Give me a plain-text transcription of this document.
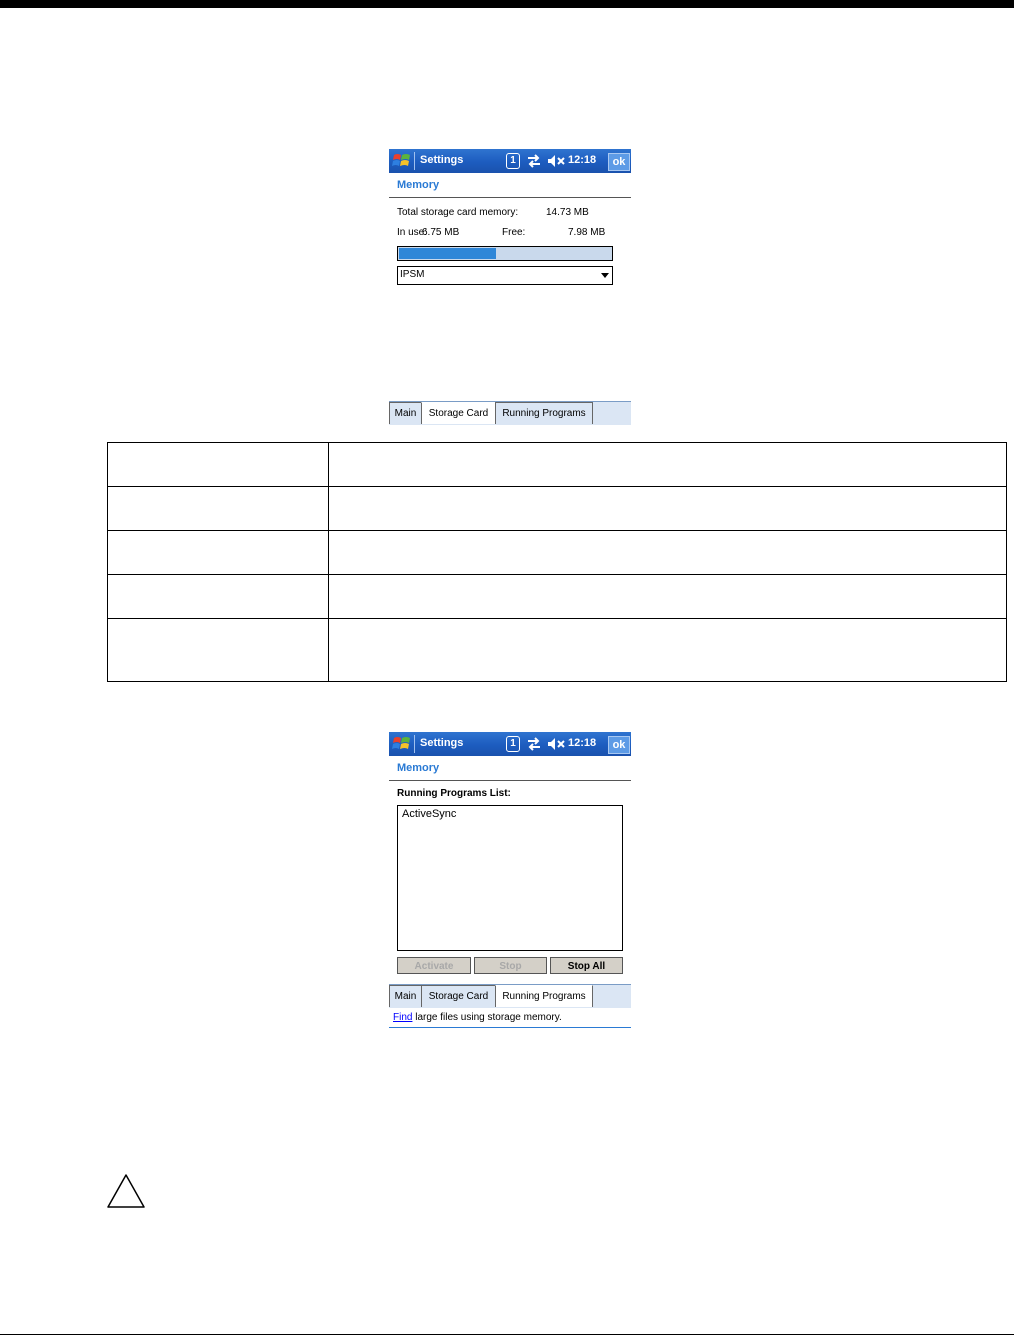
Settings	1	12:18	ok
Memory
Total storage card memory:	14.73 MB
In use:
6.75 MB	Free:	7.98 MB
IPSM
Main	Storage Card	Running Programs

Settings	1	12:18	ok
Memory
Running Programs List:
ActiveSync
Activate	Stop	Stop All
Main	Storage Card	Running Programs
Find large files using storage memory.
